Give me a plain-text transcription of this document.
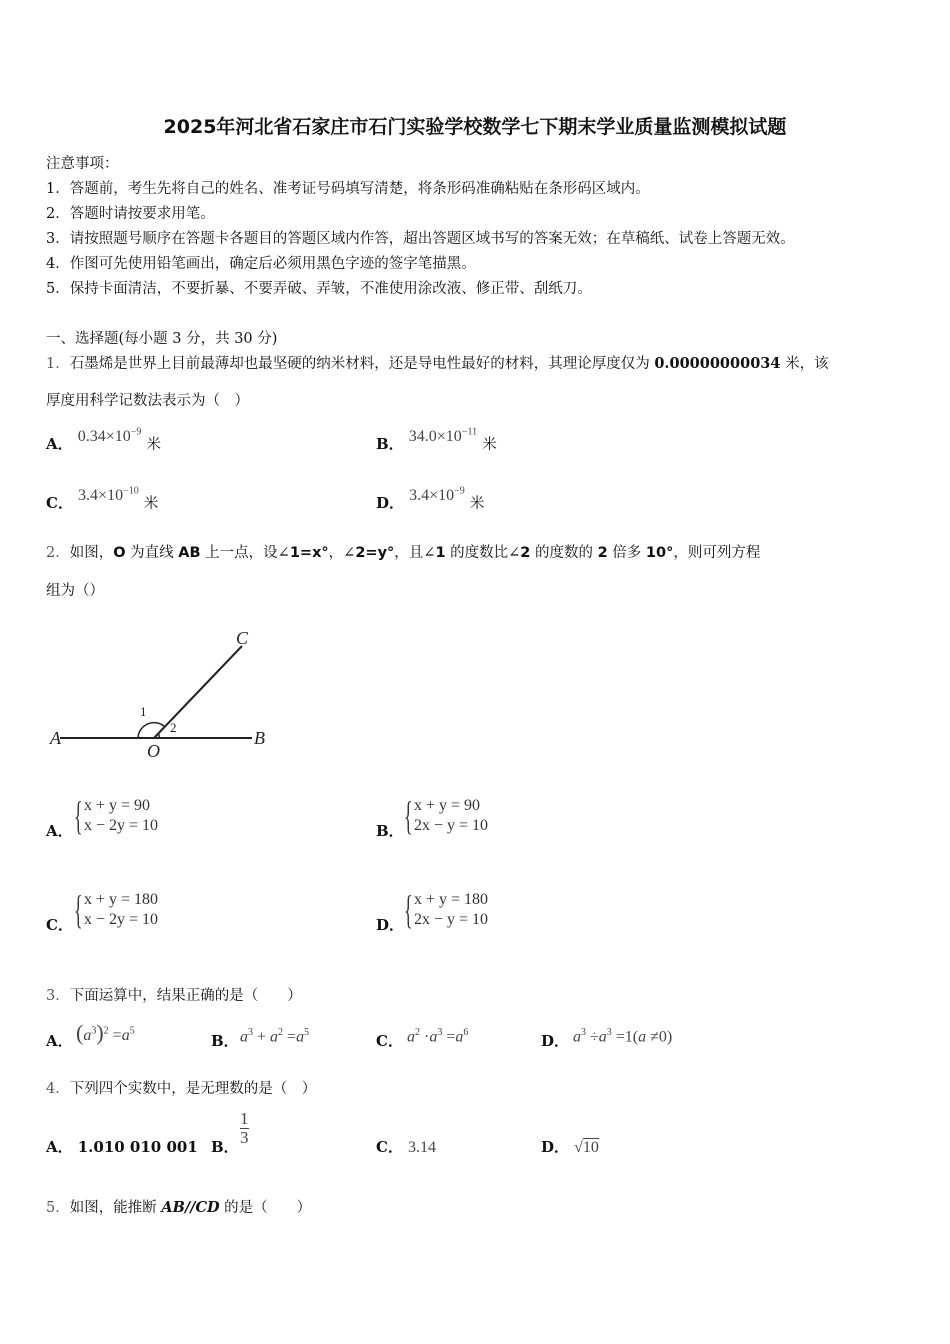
2025年河北省石家庄市石门实验学校数学七下期末学业质量监测模拟试题
注意事项：
1．答题前，考生先将自己的姓名、准考证号码填写清楚，将条形码准确粘贴在条形码区域内。
2．答题时请按要求用笔。
3．请按照题号顺序在答题卡各题目的答题区域内作答，超出答题区域书写的答案无效；在草稿纸、试卷上答题无效。
4．作图可先使用铅笔画出，确定后必须用黑色字迹的签字笔描黑。
5．保持卡面清洁，不要折暴、不要弄破、弄皱，不准使用涂改液、修正带、刮纸刀。
一、选择题(每小题 3 分，共 30 分)
1．石墨烯是世界上目前最薄却也最坚硬的纳米材料，还是导电性最好的材料，其理论厚度仅为 0.00000000034 米，该
厚度用科学记数法表示为（　）
A． $0.34\times 10^{-9}$ 米	B． $34.0\times 10^{-11}$ 米
C． $3.4\times 10^{-10}$ 米	D． $3.4\times 10^{-9}$ 米
2．如图，O 为直线 AB 上一点，设∠1=x°，∠2=y°，且∠1 的度数比∠2 的度数的 2 倍多 10°，则可列方程
组为（）
A	B
C
O
1
2
A． { x + y = 90
x − 2y = 10	B． { x + y = 90
2x − y = 10
C． { x + y = 180
x − 2y = 10	D． { x + y = 180
2x − y = 10
3．下面运算中，结果正确的是（　　）
A． $(a^3)^2 =a^5$
B． $a^3 + a^2 =a^5$	C． $a^2 \cdot a^3 =a^6$	D． $a^3 \div a^3 =1(a \ne 0)$
4．下列四个实数中，是无理数的是（　）
A． 1.010 010 001 B． $\frac{1}{3}$	C． 3.14	D． √10
5．如图，能推断 AB//CD 的是（　　）
